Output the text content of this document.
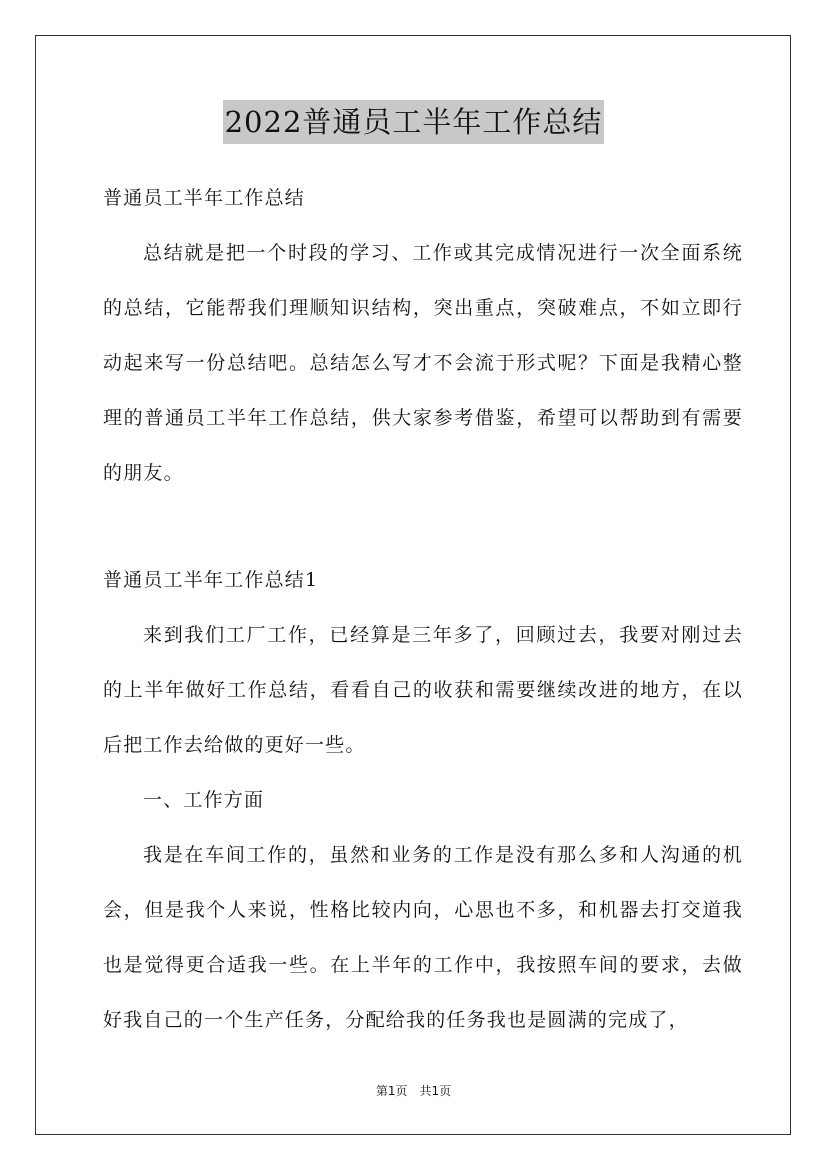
2022普通员工半年工作总结

普通员工半年工作总结

总结就是把一个时段的学习、工作或其完成情况进行一次全面系统的总结，它能帮我们理顺知识结构，突出重点，突破难点，不如立即行动起来写一份总结吧。总结怎么写才不会流于形式呢？下面是我精心整理的普通员工半年工作总结，供大家参考借鉴，希望可以帮助到有需要的朋友。

普通员工半年工作总结1

来到我们工厂工作，已经算是三年多了，回顾过去，我要对刚过去的上半年做好工作总结，看看自己的收获和需要继续改进的地方，在以后把工作去给做的更好一些。

一、工作方面

我是在车间工作的，虽然和业务的工作是没有那么多和人沟通的机会，但是我个人来说，性格比较内向，心思也不多，和机器去打交道我也是觉得更合适我一些。在上半年的工作中，我按照车间的要求，去做好我自己的一个生产任务，分配给我的任务我也是圆满的完成了，

第1页 共1页
